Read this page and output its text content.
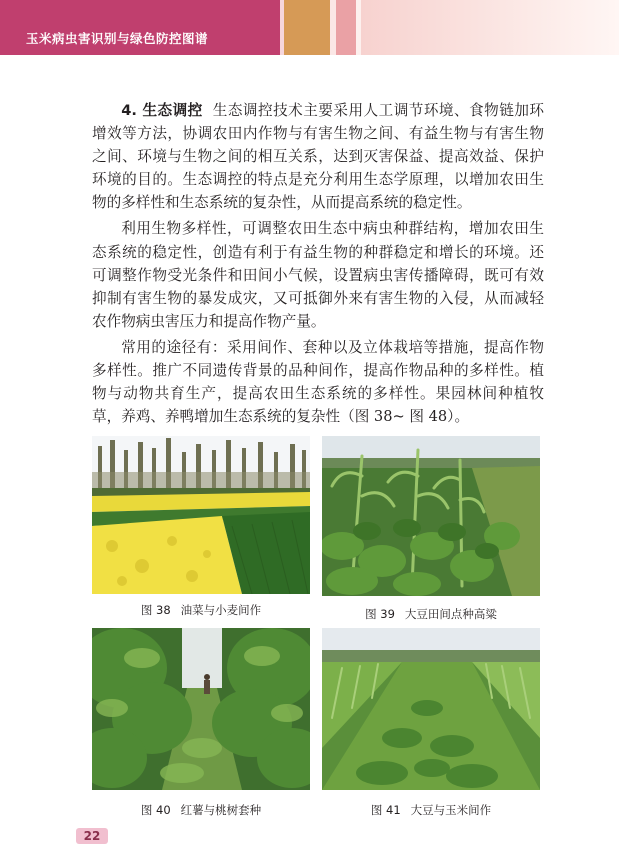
玉米病虫害识别与绿色防控图谱

4. 生态调控 生态调控技术主要采用人工调节环境、食物链加环增效等方法，协调农田内作物与有害生物之间、有益生物与有害生物之间、环境与生物之间的相互关系，达到灭害保益、提高效益、保护环境的目的。生态调控的特点是充分利用生态学原理，以增加农田生物的多样性和生态系统的复杂性，从而提高系统的稳定性。

利用生物多样性，可调整农田生态中病虫种群结构，增加农田生态系统的稳定性，创造有利于有益生物的种群稳定和增长的环境。还可调整作物受光条件和田间小气候，设置病虫害传播障碍，既可有效抑制有害生物的暴发成灾，又可抵御外来有害生物的入侵，从而减轻农作物病虫害压力和提高作物产量。

常用的途径有：采用间作、套种以及立体栽培等措施，提高作物多样性。推广不同遗传背景的品种间作，提高作物品种的多样性。植物与动物共育生产，提高农田生态系统的多样性。果园林间种植牧草，养鸡、养鸭增加生态系统的复杂性（图 38~ 图 48）。

图 38 油菜与小麦间作	图 39 大豆田间点种高粱
图 40 红薯与桃树套种	图 41 大豆与玉米间作
22
